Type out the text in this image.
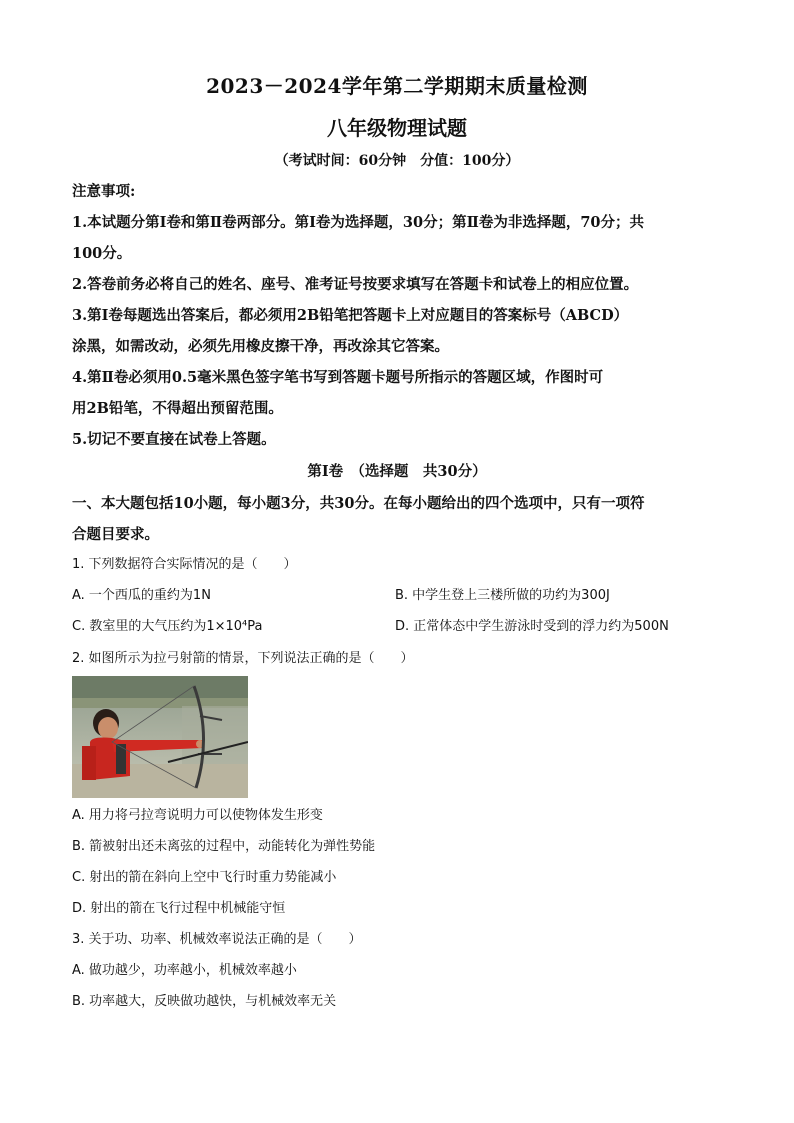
2023－2024学年第二学期期末质量检测
八年级物理试题
（考试时间：60分钟　分值：100分）

注意事项:

1.本试题分第Ⅰ卷和第Ⅱ卷两部分。第Ⅰ卷为选择题，30分；第Ⅱ卷为非选择题，70分；共

100分。

2.答卷前务必将自己的姓名、座号、准考证号按要求填写在答题卡和试卷上的相应位置。

3.第Ⅰ卷每题选出答案后，都必须用2B铅笔把答题卡上对应题目的答案标号（ABCD）

涂黑，如需改动，必须先用橡皮擦干净，再改涂其它答案。

4.第Ⅱ卷必须用0.5毫米黑色签字笔书写到答题卡题号所指示的答题区域，作图时可

用2B铅笔，不得超出预留范围。

5.切记不要直接在试卷上答题。

第Ⅰ卷　（选择题　共30分）

一、本大题包括10小题，每小题3分，共30分。在每小题给出的四个选项中，只有一项符

合题目要求。

1. 下列数据符合实际情况的是（　　）

A. 一个西瓜的重约为1N	B. 中学生登上三楼所做的功约为300J
C. 教室里的大气压约为1×10⁴Pa	D. 正常体态中学生游泳时受到的浮力约为500N

2. 如图所示为拉弓射箭的情景，下列说法正确的是（　　）

A. 用力将弓拉弯说明力可以使物体发生形变

B. 箭被射出还未离弦的过程中，动能转化为弹性势能

C. 射出的箭在斜向上空中飞行时重力势能减小

D. 射出的箭在飞行过程中机械能守恒

3. 关于功、功率、机械效率说法正确的是（　　）

A. 做功越少，功率越小，机械效率越小

B. 功率越大，反映做功越快，与机械效率无关
